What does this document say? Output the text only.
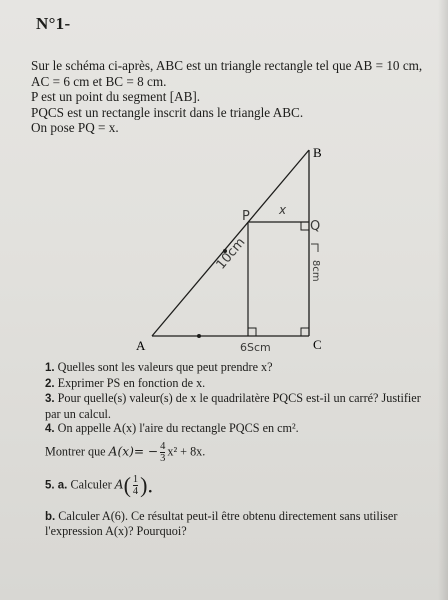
N°1-
Sur le schéma ci-après, ABC est un triangle rectangle tel que AB = 10 cm,
AC = 6 cm et BC = 8 cm.
P est un point du segment [AB].
PQCS est un rectangle inscrit dans le triangle ABC.
On pose PQ = x.
A
B
C
P
Q
x
10cm
6Scm
8cm

1. Quelles sont les valeurs que peut prendre x?

2. Exprimer PS en fonction de x.

3. Pour quelle(s) valeur(s) de x le quadrilatère PQCS est-il un carré? Justifier
par un calcul.

4. On appelle A(x) l'aire du rectangle PQCS en cm².

Montrer que $A(x)= - \frac{4}{3} x^2 + 8x$.

5. a. Calculer $A( \frac{1}{4}$ ).

b. Calculer A(6). Ce résultat peut-il être obtenu directement sans utiliser
l'expression A(x)? Pourquoi?
